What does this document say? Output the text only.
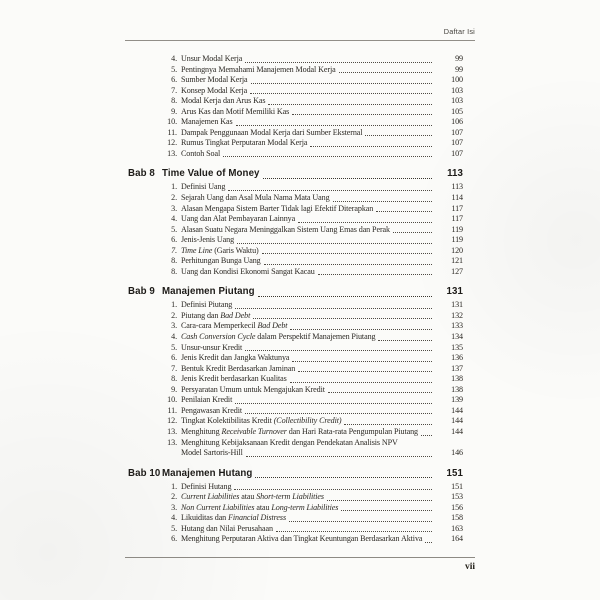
Daftar Isi
4. Unsur Modal Kerja	99
5. Pentingnya Memahami Manajemen Modal Kerja	99
6. Sumber Modal Kerja	100
7. Konsep Modal Kerja	103
8. Modal Kerja dan Arus Kas	103
9. Arus Kas dan Motif Memiliki Kas	105
10. Manajemen Kas	106
11. Dampak Penggunaan Modal Kerja dari Sumber Eksternal	107
12. Rumus Tingkat Perputaran Modal Kerja	107
13. Contoh Soal	107
Bab 8 Time Value of Money	113
1. Definisi Uang	113
2. Sejarah Uang dan Asal Mula Nama Mata Uang	114
3. Alasan Mengapa Sistem Barter Tidak lagi Efektif Diterapkan	117
4. Uang dan Alat Pembayaran Lainnya	117
5. Alasan Suatu Negara Meninggalkan Sistem Uang Emas dan Perak	119
6. Jenis-Jenis Uang	119
7. Time Line (Garis Waktu)	120
8. Perhitungan Bunga Uang	121
8. Uang dan Kondisi Ekonomi Sangat Kacau	127
Bab 9 Manajemen Piutang	131
1. Definisi Piutang	131
2. Piutang dan Bad Debt	132
3. Cara-cara Memperkecil Bad Debt	133
4. Cash Conversion Cycle dalam Perspektif Manajemen Piutang	134
5. Unsur-unsur Kredit	135
6. Jenis Kredit dan Jangka Waktunya	136
7. Bentuk Kredit Berdasarkan Jaminan	137
8. Jenis Kredit berdasarkan Kualitas	138
9. Persyaratan Umum untuk Mengajukan Kredit	138
10. Penilaian Kredit	139
11. Pengawasan Kredit	144
12. Tingkat Kolektibilitas Kredit (Collectibility Credit)	144
13. Menghitung Receivable Turnover dan Hari Rata-rata Pengumpulan Piutang	144
13. Menghitung Kebijaksanaan Kredit dengan Pendekatan Analisis NPV
Model Sartoris-Hill	146
Bab 10 Manajemen Hutang	151
1. Definisi Hutang	151
2. Current Liabilities atau Short-term Liabilities	153
3. Non Current Liabilities atau Long-term Liabilities	156
4. Likuiditas dan Financial Distress	158
5. Hutang dan Nilai Perusahaan	163
6. Menghitung Perputaran Aktiva dan Tingkat Keuntungan Berdasarkan Aktiva	164
vii
